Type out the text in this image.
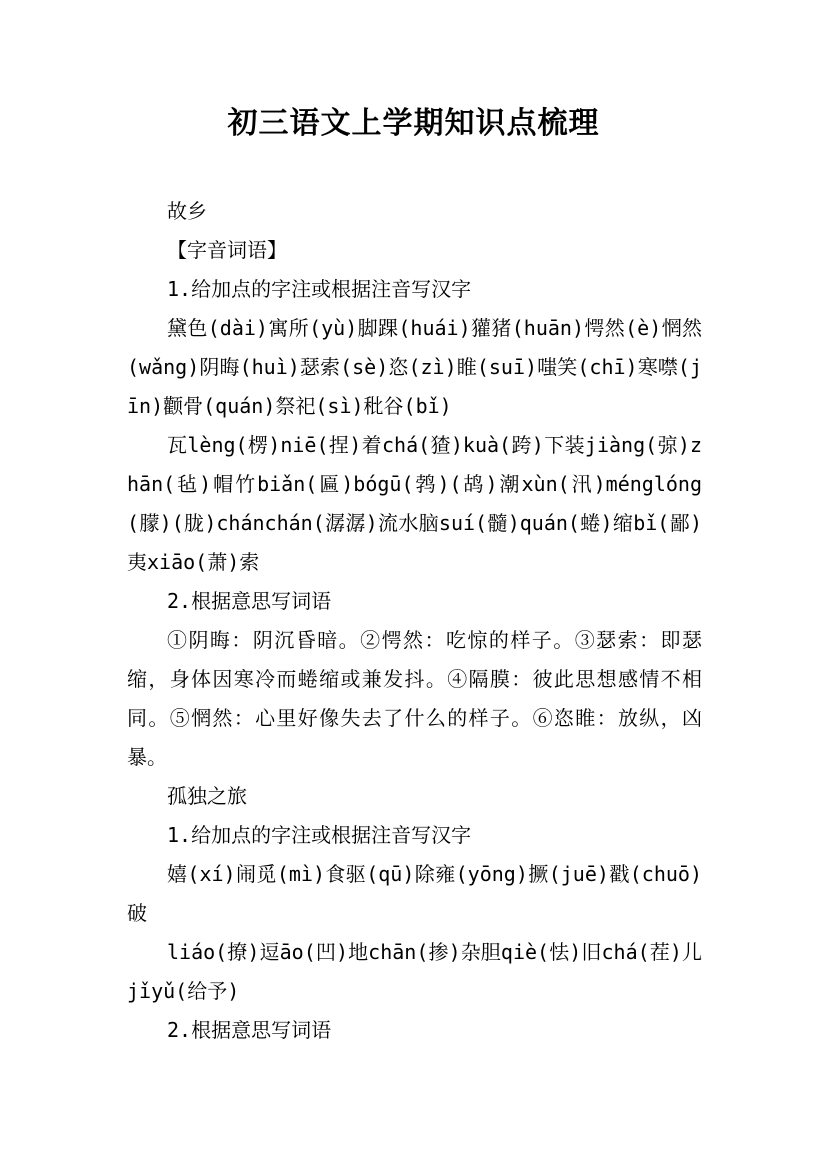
初三语文上学期知识点梳理

故乡

【字音词语】

1.给加点的字注或根据注音写汉字

黛色(dài)寓所(yù)脚踝(huái)獾猪(huān)愕然(è)惘然(wǎng)阴晦(huì)瑟索(sè)恣(zì)睢(suī)嗤笑(chī)寒噤(jīn)颧骨(quán)祭祀(sì)秕谷(bǐ)

瓦lèng(楞)niē(捏)着chá(猹)kuà(跨)下装jiàng(弶)zhān(毡)帽竹biǎn(匾)bógū(鹁)(鸪)潮xùn(汛)ménglóng(朦)(胧)chánchán(潺潺)流水脑suí(髓)quán(蜷)缩bǐ(鄙)夷xiāo(萧)索

2.根据意思写词语

①阴晦：阴沉昏暗。②愕然：吃惊的样子。③瑟索：即瑟缩，身体因寒冷而蜷缩或兼发抖。④隔膜：彼此思想感情不相同。⑤惘然：心里好像失去了什么的样子。⑥恣睢：放纵，凶暴。

孤独之旅

1.给加点的字注或根据注音写汉字

嬉(xí)闹觅(mì)食驱(qū)除雍(yōng)撅(juē)戳(chuō)破

liáo(撩)逗āo(凹)地chān(掺)杂胆qiè(怯)旧chá(茬)儿jǐyǔ(给予)

2.根据意思写词语
